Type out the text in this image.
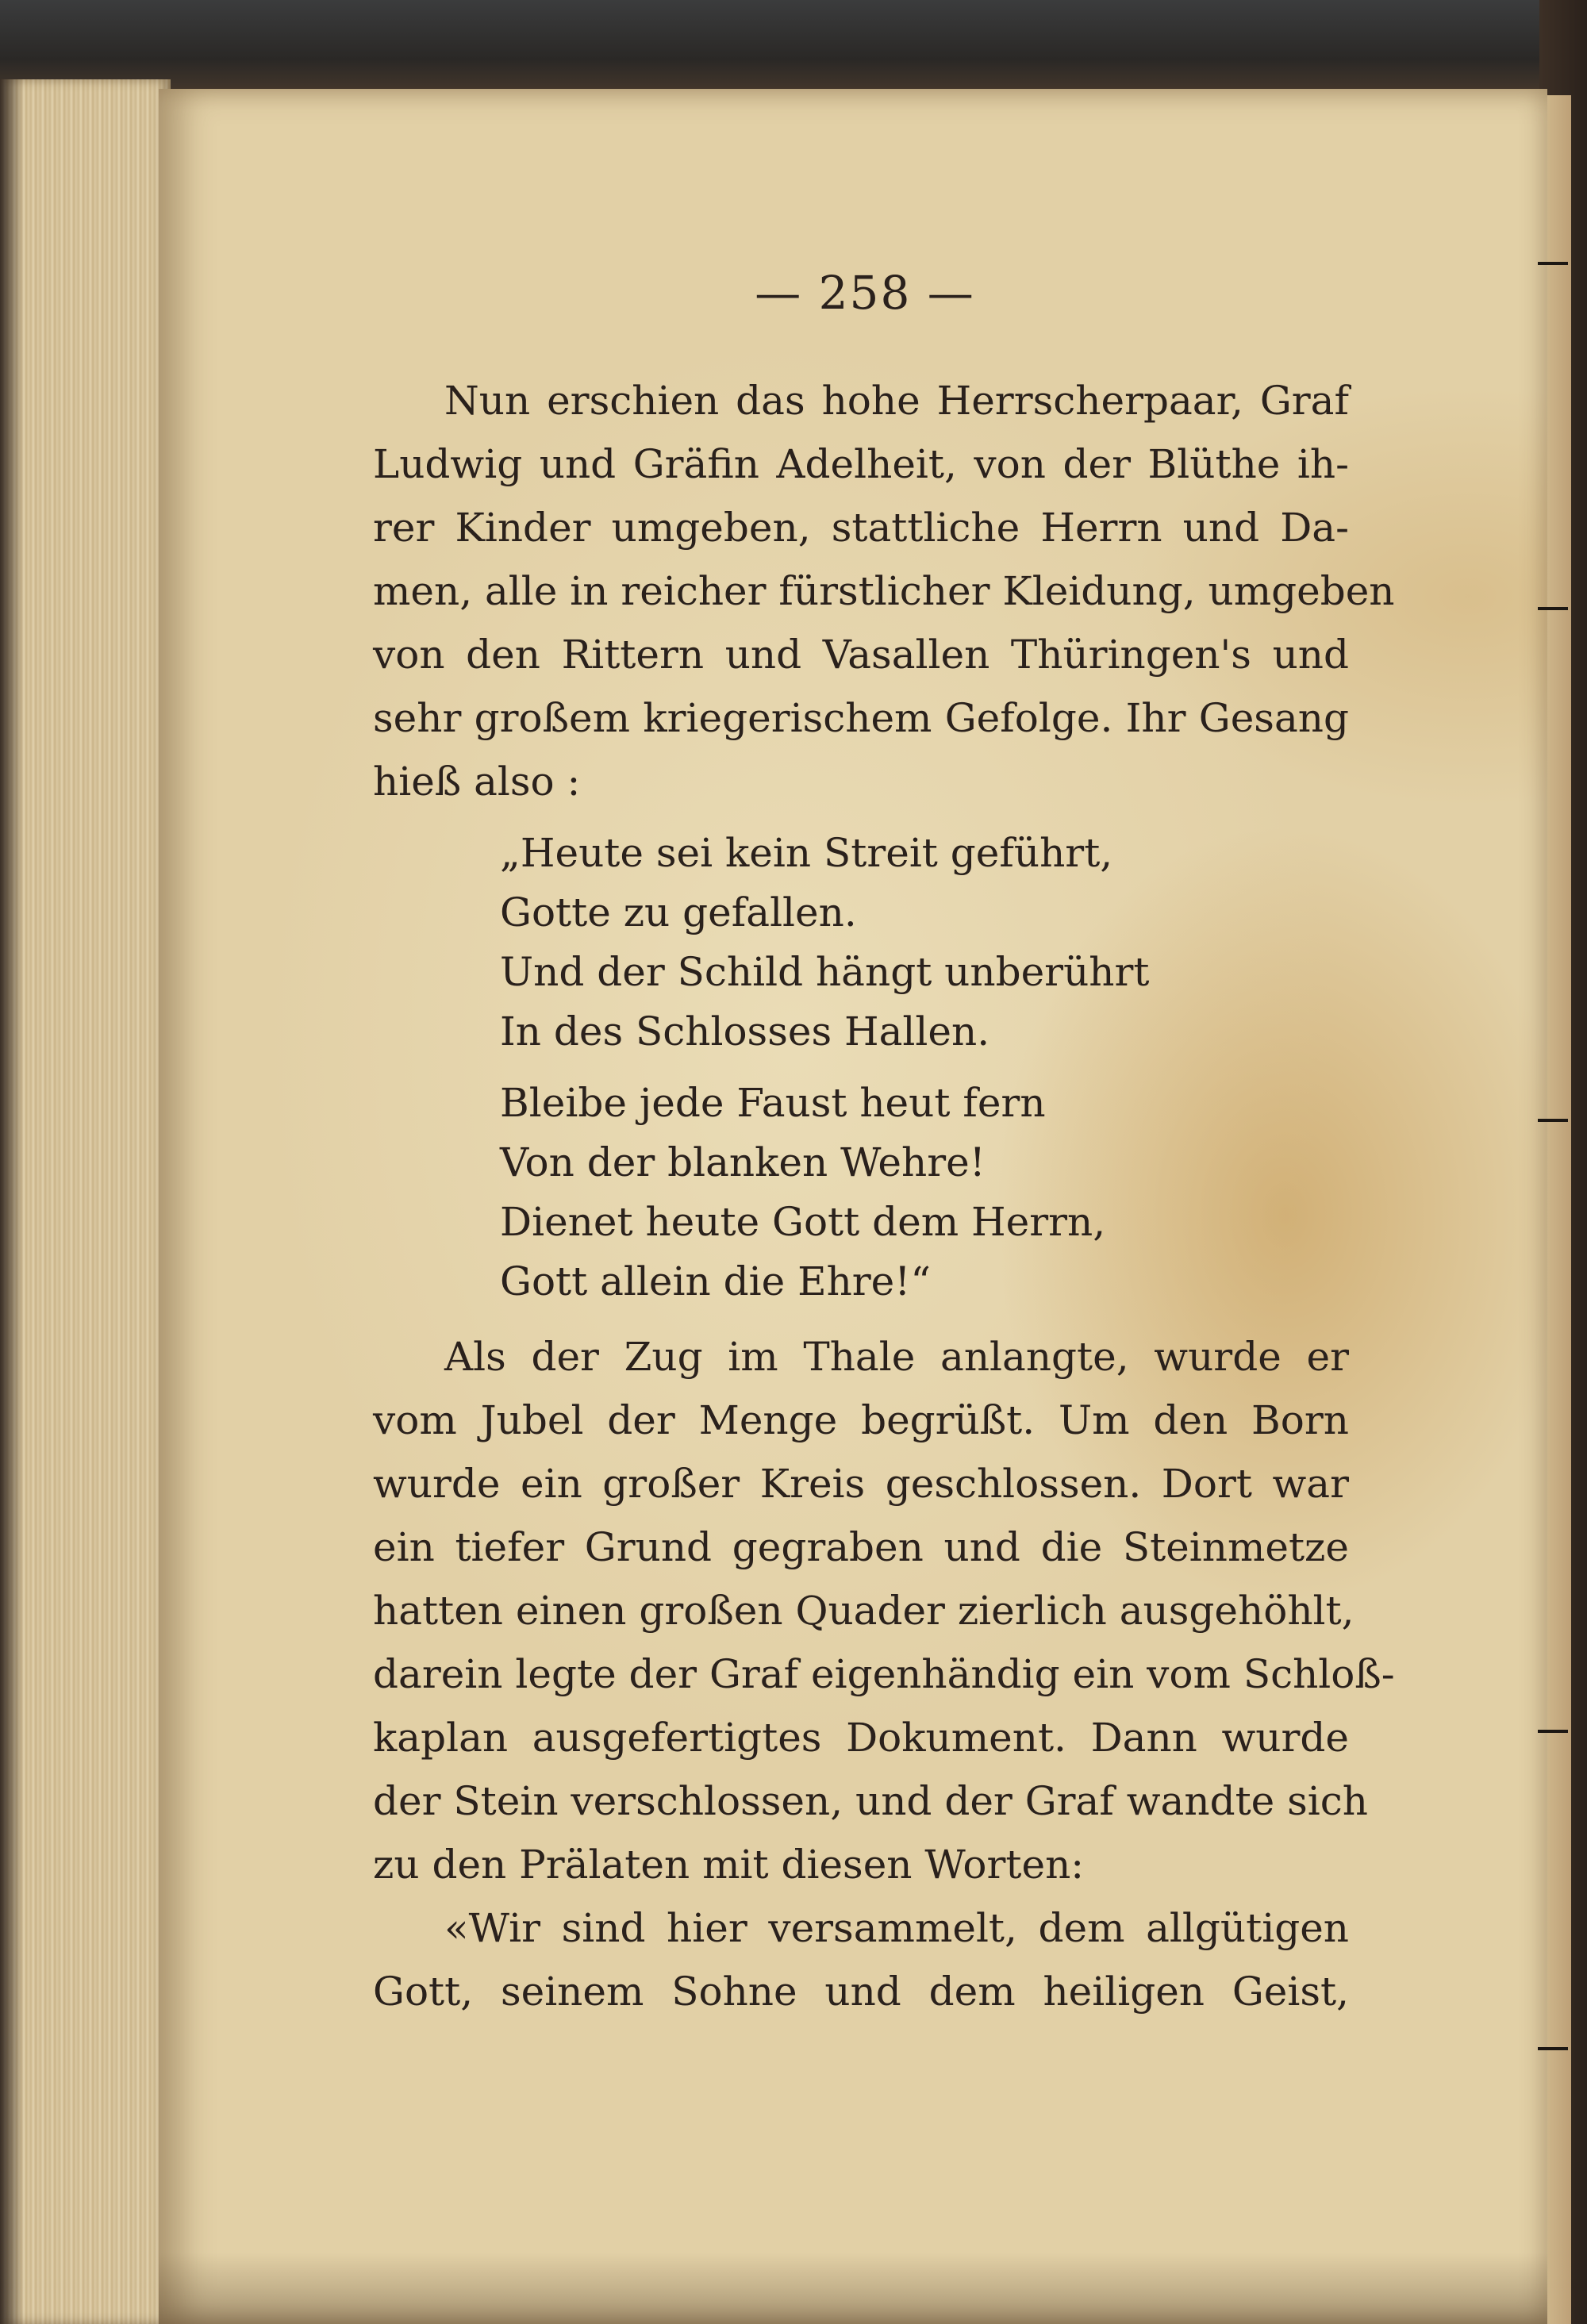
— 258 —
Nun erschien das hohe Herrscherpaar, Graf
Ludwig und Gräfin Adelheit, von der Blüthe ih-
rer Kinder umgeben, stattliche Herrn und Da-
men, alle in reicher fürstlicher Kleidung, umgeben
von den Rittern und Vasallen Thüringen's und
sehr großem kriegerischem Gefolge. Ihr Gesang
hieß also :
„Heute sei kein Streit geführt,
Gotte zu gefallen.
Und der Schild hängt unberührt
In des Schlosses Hallen.
Bleibe jede Faust heut fern
Von der blanken Wehre!
Dienet heute Gott dem Herrn,
Gott allein die Ehre!“
Als der Zug im Thale anlangte, wurde er
vom Jubel der Menge begrüßt. Um den Born
wurde ein großer Kreis geschlossen. Dort war
ein tiefer Grund gegraben und die Steinmetze
hatten einen großen Quader zierlich ausgehöhlt,
darein legte der Graf eigenhändig ein vom Schloß-
kaplan ausgefertigtes Dokument. Dann wurde
der Stein verschlossen, und der Graf wandte sich
zu den Prälaten mit diesen Worten:
«Wir sind hier versammelt, dem allgütigen
Gott, seinem Sohne und dem heiligen Geist,
